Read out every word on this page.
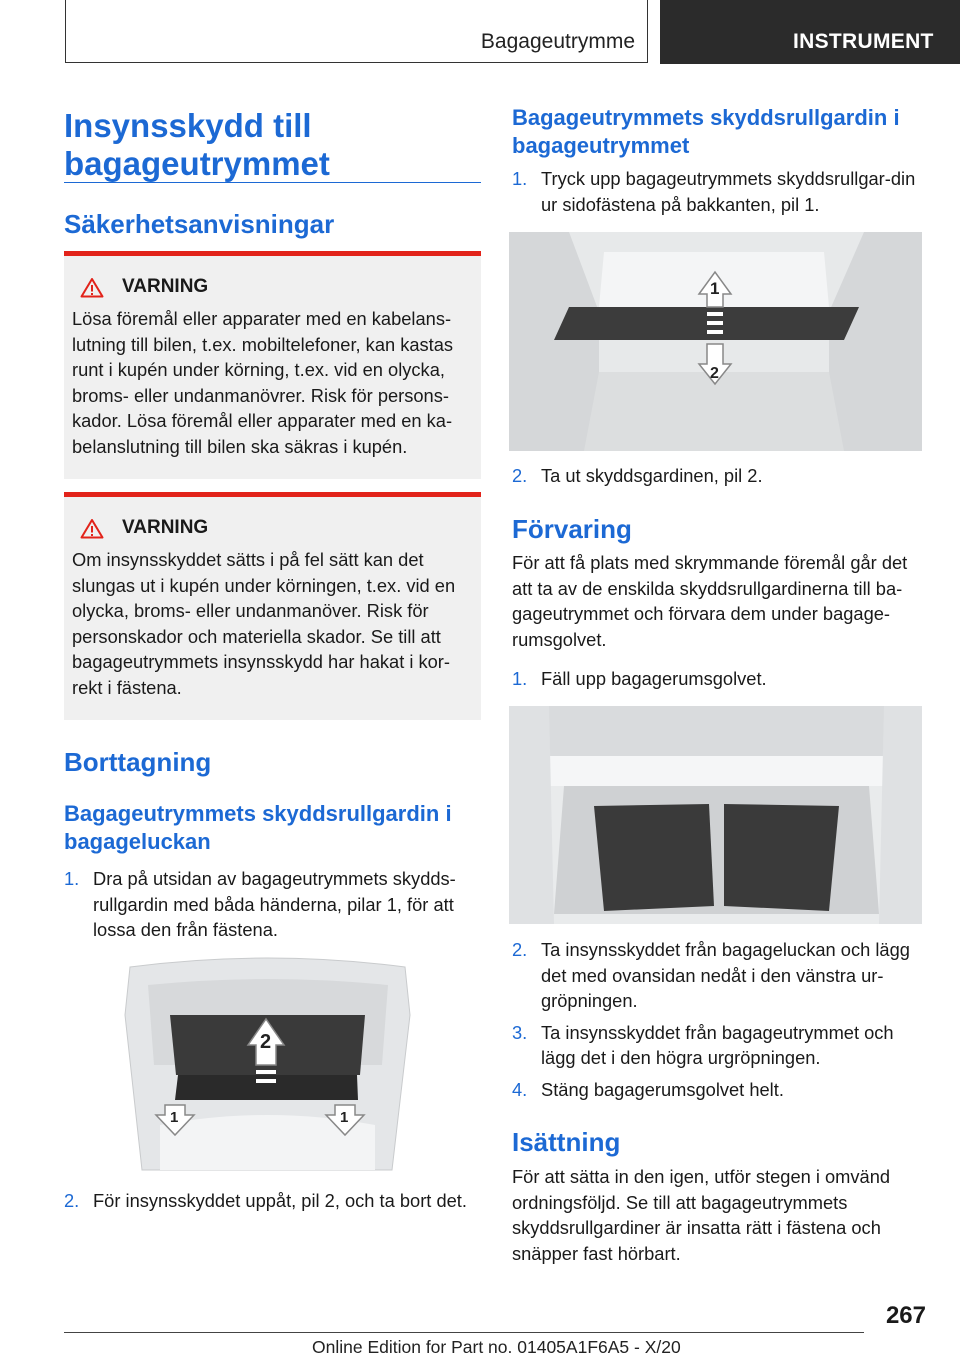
Bagageutrymme	INSTRUMENT
Insynsskydd till bagageutrymmet
Säkerhetsanvisningar
VARNING

Lösa föremål eller apparater med en kabelans-lutning till bilen, t.ex. mobiltelefoner, kan kastas runt i kupén under körning, t.ex. vid en olycka, broms- eller undanmanövrer. Risk för persons-kador. Lösa föremål eller apparater med en ka-belanslutning till bilen ska säkras i kupén.

VARNING

Om insynsskyddet sätts i på fel sätt kan det slungas ut i kupén under körningen, t.ex. vid en olycka, broms- eller undanmanöver. Risk för personskador och materiella skador. Se till att bagageutrymmets insynsskydd har hakat i kor-rekt i fästena.

Borttagning
Bagageutrymmets skyddsrullgardin i bagageluckan
1. Dra på utsidan av bagageutrymmets skydds-rullgardin med båda händerna, pilar 1, för att lossa den från fästena.
2
1	1
2. För insynsskyddet uppåt, pil 2, och ta bort det.
Bagageutrymmets skyddsrullgardin i bagageutrymmet
1. Tryck upp bagageutrymmets skyddsrullgar-din ur sidofästena på bakkanten, pil 1.
1
2
2. Ta ut skyddsgardinen, pil 2.
Förvaring

För att få plats med skrymmande föremål går det att ta av de enskilda skyddsrullgardinerna till ba-gageutrymmet och förvara dem under bagage-rumsgolvet.

1. Fäll upp bagagerumsgolvet.
2. Ta insynsskyddet från bagageluckan och lägg det med ovansidan nedåt i den vänstra ur-gröpningen.
3. Ta insynsskyddet från bagageutrymmet och lägg det i den högra urgröpningen.
4. Stäng bagagerumsgolvet helt.
Isättning

För att sätta in den igen, utför stegen i omvänd ordningsföljd. Se till att bagageutrymmets skyddsrullgardiner är insatta rätt i fästena och snäpper fast hörbart.

267
Online Edition for Part no. 01405A1F6A5 - X/20
